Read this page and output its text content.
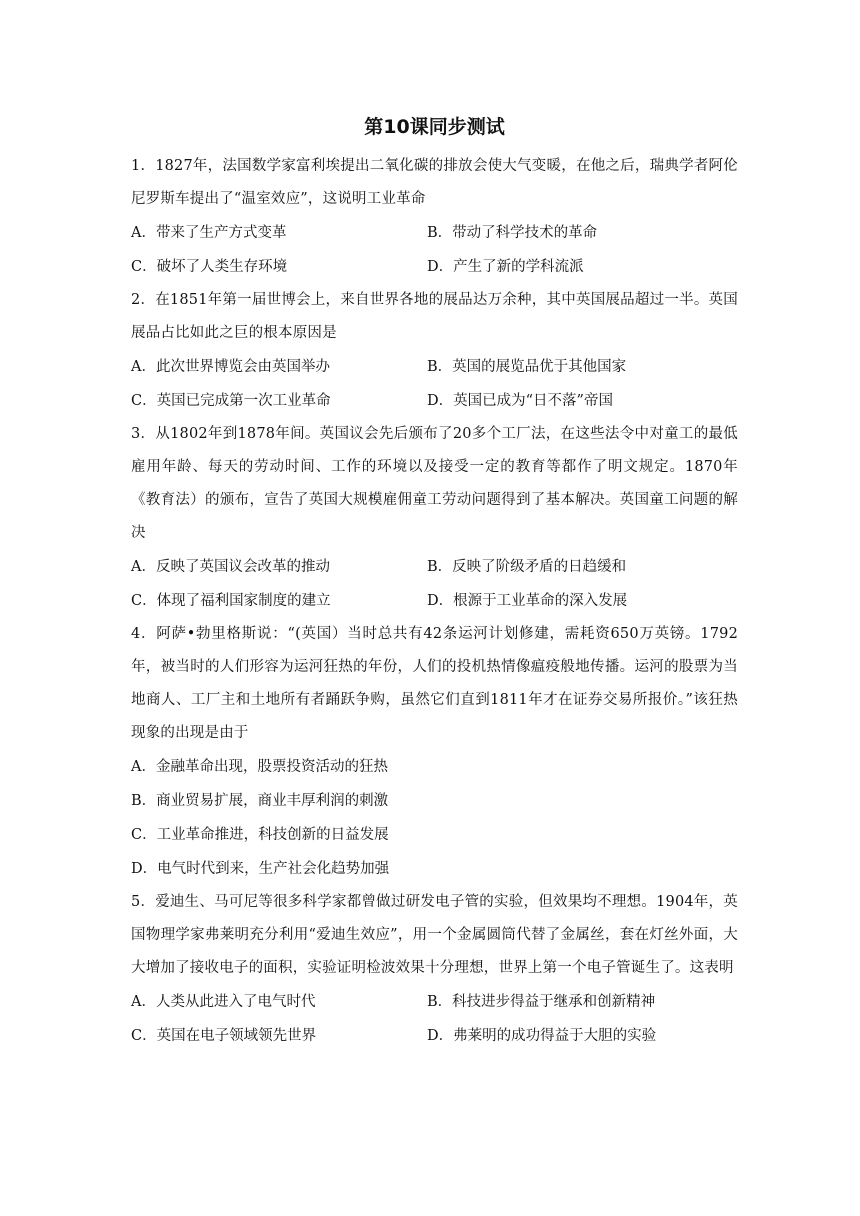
第10课同步测试

1．1827年，法国数学家富利埃提出二氧化碳的排放会使大气变暖，在他之后，瑞典学者阿伦尼罗斯车提出了“温室效应”，这说明工业革命

A．带来了生产方式变革	B．带动了科学技术的革命
C．破坏了人类生存环境	D．产生了新的学科流派

2．在1851年第一届世博会上，来自世界各地的展品达万余种，其中英国展品超过一半。英国展品占比如此之巨的根本原因是

A．此次世界博览会由英国举办	B．英国的展览品优于其他国家
C．英国已完成第一次工业革命	D．英国已成为“日不落”帝国

3．从1802年到1878年间。英国议会先后颁布了20多个工厂法，在这些法令中对童工的最低雇用年龄、每天的劳动时间、工作的环境以及接受一定的教育等都作了明文规定。1870年《教育法）的颁布，宣告了英国大规模雇佣童工劳动问题得到了基本解决。英国童工问题的解决

A．反映了英国议会改革的推动	B．反映了阶级矛盾的日趋缓和
C．体现了福利国家制度的建立	D．根源于工业革命的深入发展

4．阿萨•勃里格斯说：“(英国）当时总共有42条运河计划修建，需耗资650万英镑。1792年，被当时的人们形容为运河狂热的年份，人们的投机热情像瘟疫般地传播。运河的股票为当地商人、工厂主和土地所有者踊跃争购，虽然它们直到1811年才在证券交易所报价。”该狂热现象的出现是由于

A．金融革命出现，股票投资活动的狂热
B．商业贸易扩展，商业丰厚利润的刺激
C．工业革命推进，科技创新的日益发展
D．电气时代到来，生产社会化趋势加强

5．爱迪生、马可尼等很多科学家都曾做过研发电子管的实验，但效果均不理想。1904年，英国物理学家弗莱明充分利用“爱迪生效应”，用一个金属圆筒代替了金属丝，套在灯丝外面，大大增加了接收电子的面积，实验证明检波效果十分理想，世界上第一个电子管诞生了。这表明

A．人类从此进入了电气时代	B．科技进步得益于继承和创新精神
C．英国在电子领域领先世界	D．弗莱明的成功得益于大胆的实验
